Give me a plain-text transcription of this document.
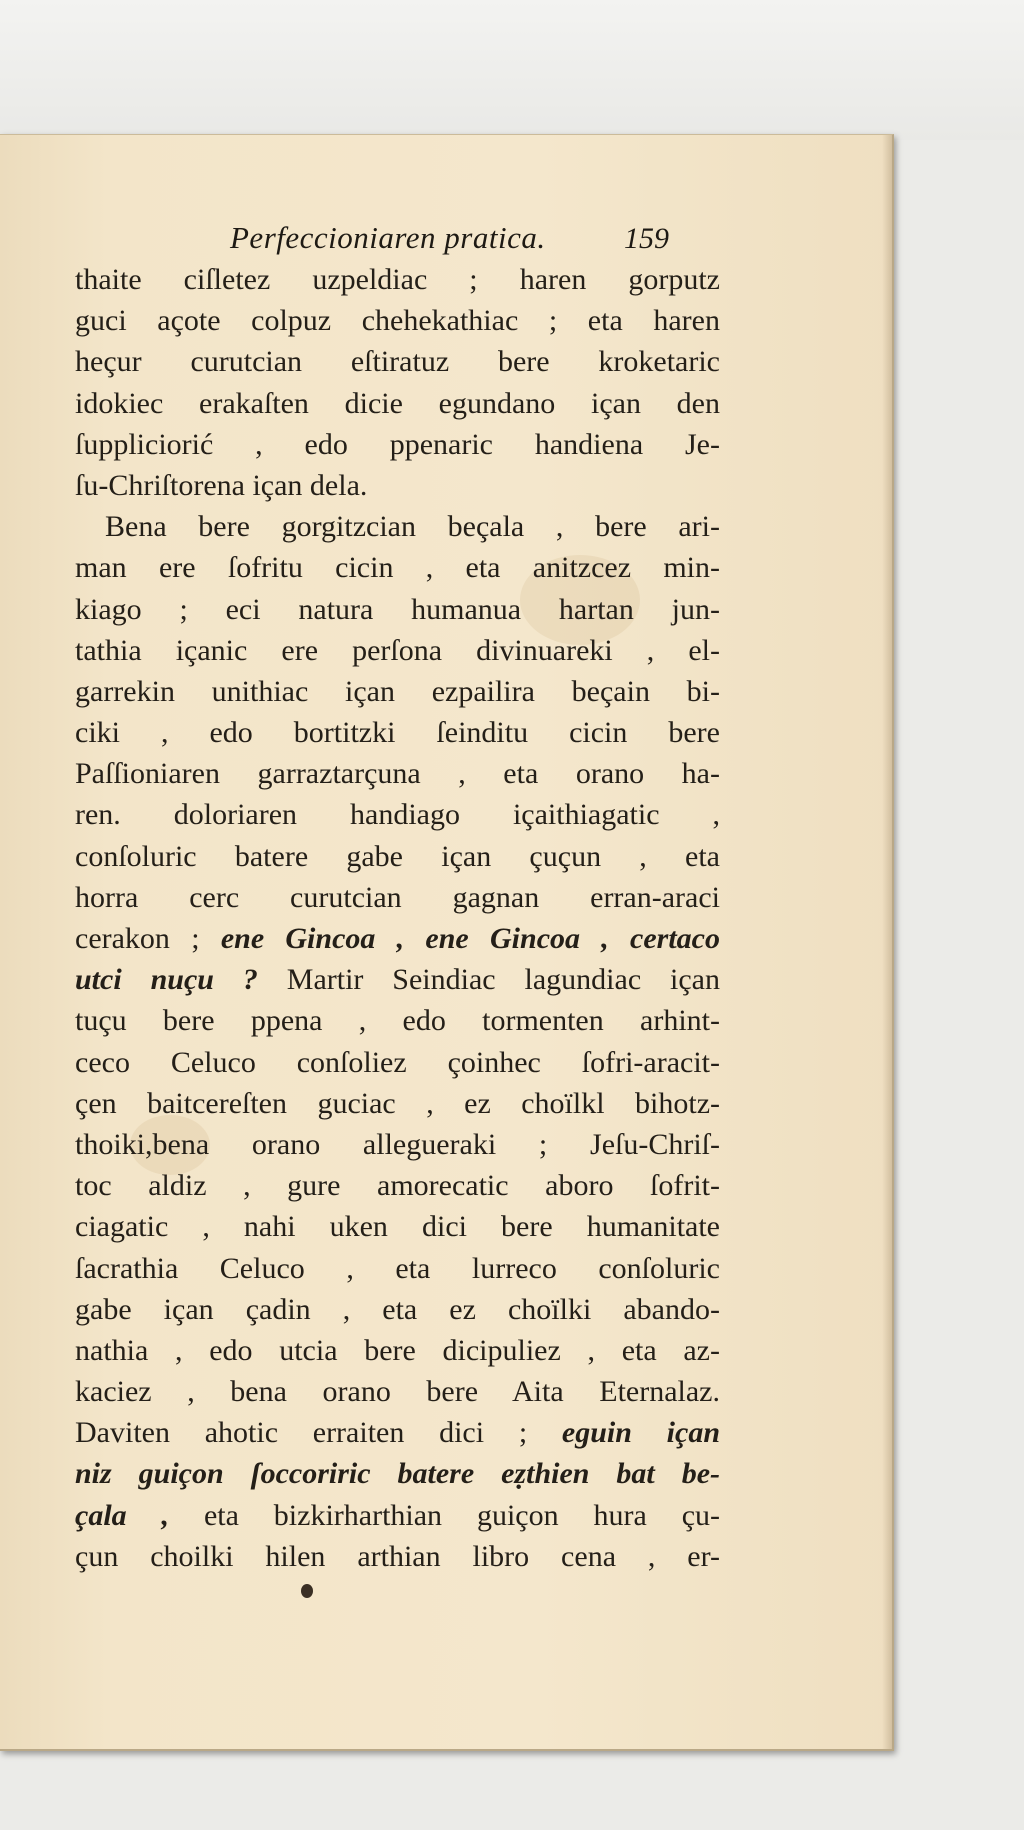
Perfeccioniaren pratica.	159
thaite ciſletez uzpeldiac ; haren gorputz
guci açote colpuz chehekathiac ; eta haren
heçur curutcian eſtiratuz bere kroketaric
idokiec erakaſten dicie egundano içan den
ſuppliciorić , edo ppenaric handiena Je-
ſu-Chriſtorena içan dela.
Bena bere gorgitzcian beçala , bere ari-
man ere ſofritu cicin , eta anitzcez min-
kiago ; eci natura humanua hartan jun-
tathia içanic ere perſona divinuareki , el-
garrekin unithiac içan ezpailira beçain bi-
ciki , edo bortitzki ſeinditu cicin bere
Paſſioniaren garraztarçuna , eta orano ha-
ren. doloriaren handiago içaithiagatic ,
conſoluric batere gabe içan çuçun , eta
horra cerc curutcian gagnan erran-araci
cerakon ; ene Gincoa , ene Gincoa , certaco
utci nuçu ? Martir Seindiac lagundiac içan
tuçu bere ppena , edo tormenten arhint-
ceco Celuco conſoliez çoinhec ſofri-aracit-
çen baitcereſten guciac , ez choïlkl bihotz-
thoiki,bena orano allegueraki ; Jeſu-Chriſ-
toc aldiz , gure amorecatic aboro ſofrit-
ciagatic , nahi uken dici bere humanitate
ſacrathia Celuco , eta lurreco conſoluric
gabe içan çadin , eta ez choïlki abando-
nathia , edo utcia bere dicipuliez , eta az-
kaciez , bena orano bere Aita Eternalaz.
Daviten ahotic erraiten dici ; eguin içan
niz guiçon ſoccoriric batere eẓthien bat be-
çala , eta bizkirharthian guiçon hura çu-
çun choilki hilen arthian libro cena , er-
